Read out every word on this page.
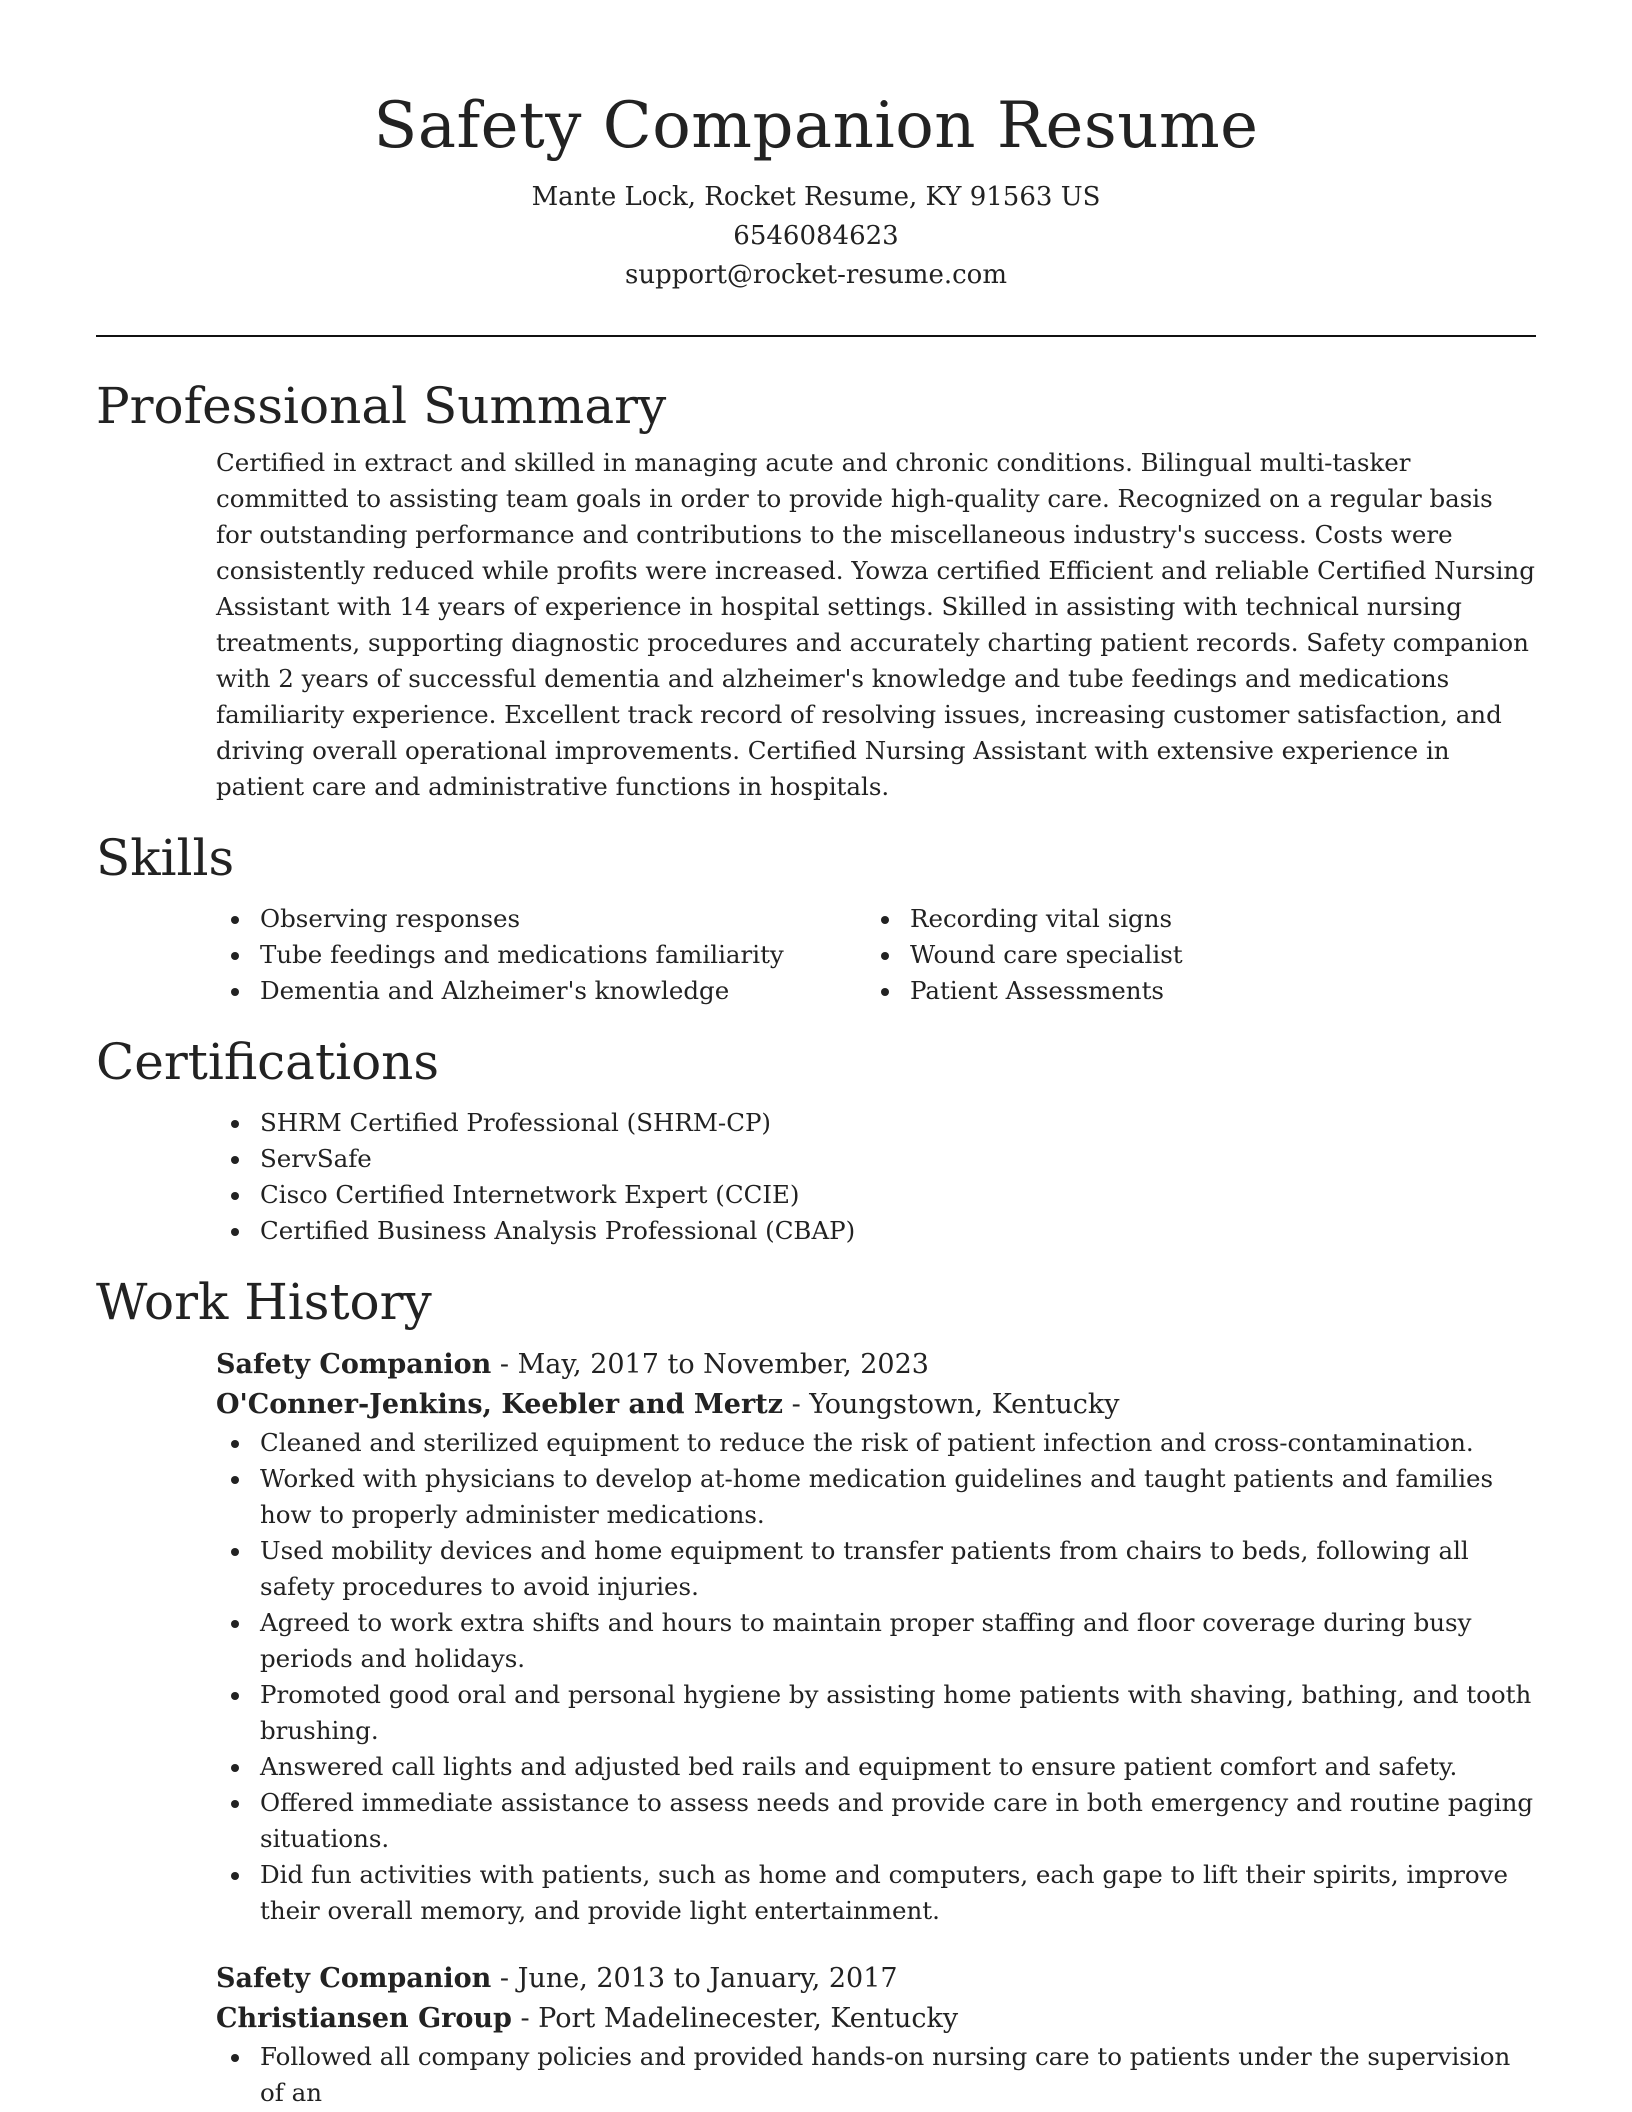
Safety Companion Resume
Mante Lock, Rocket Resume, KY 91563 US
6546084623
support@rocket-resume.com
Professional Summary

Certified in extract and skilled in managing acute and chronic conditions. Bilingual multi-tasker committed to assisting team goals in order to provide high-quality care. Recognized on a regular basis for outstanding performance and contributions to the miscellaneous industry's success. Costs were consistently reduced while profits were increased. Yowza certified Efficient and reliable Certified Nursing Assistant with 14 years of experience in hospital settings. Skilled in assisting with technical nursing treatments, supporting diagnostic procedures and accurately charting patient records. Safety companion with 2 years of successful dementia and alzheimer's knowledge and tube feedings and medications familiarity experience. Excellent track record of resolving issues, increasing customer satisfaction, and driving overall operational improvements. Certified Nursing Assistant with extensive experience in patient care and administrative functions in hospitals.

Skills
Observing responses
Tube feedings and medications familiarity
Dementia and Alzheimer's knowledge
Recording vital signs
Wound care specialist
Patient Assessments
Certifications
SHRM Certified Professional (SHRM-CP)
ServSafe
Cisco Certified Internetwork Expert (CCIE)
Certified Business Analysis Professional (CBAP)
Work History
Safety Companion - May, 2017 to November, 2023
O'Conner-Jenkins, Keebler and Mertz - Youngstown, Kentucky
Cleaned and sterilized equipment to reduce the risk of patient infection and cross-contamination.
Worked with physicians to develop at-home medication guidelines and taught patients and families how to properly administer medications.
Used mobility devices and home equipment to transfer patients from chairs to beds, following all safety procedures to avoid injuries.
Agreed to work extra shifts and hours to maintain proper staffing and floor coverage during busy periods and holidays.
Promoted good oral and personal hygiene by assisting home patients with shaving, bathing, and tooth brushing.
Answered call lights and adjusted bed rails and equipment to ensure patient comfort and safety.
Offered immediate assistance to assess needs and provide care in both emergency and routine paging situations.
Did fun activities with patients, such as home and computers, each gape to lift their spirits, improve their overall memory, and provide light entertainment.
Safety Companion - June, 2013 to January, 2017
Christiansen Group - Port Madelinecester, Kentucky
Followed all company policies and provided hands-on nursing care to patients under the supervision of an
